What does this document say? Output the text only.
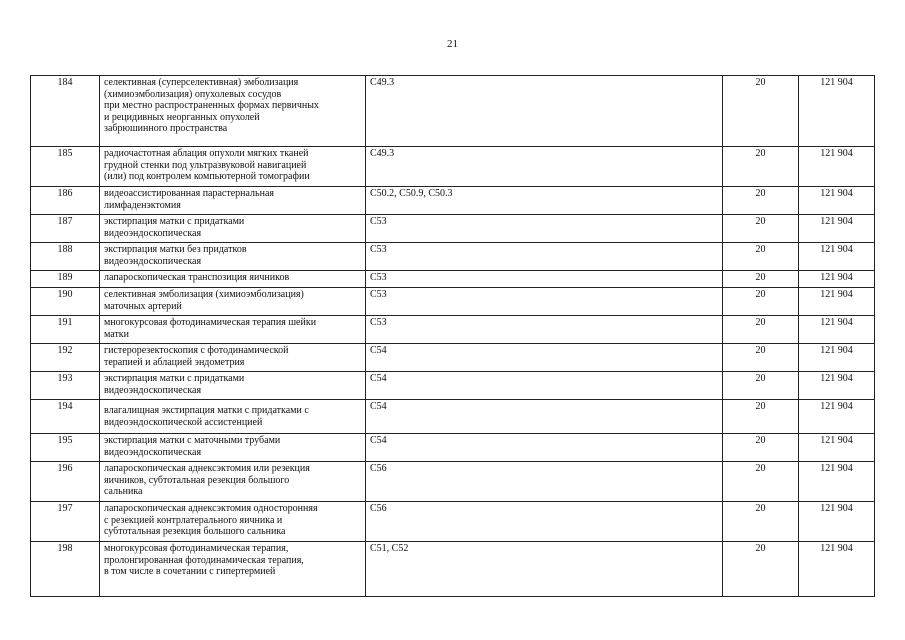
21
184	селективная (суперселективная) эмболизация
(химиоэмболизация) опухолевых сосудов
при местно распространенных формах первичных
и рецидивных неорганных опухолей
забрюшинного пространства	C49.3	20	121 904
185	радиочастотная аблация опухоли мягких тканей
грудной стенки под ультразвуковой навигацией
(или) под контролем компьютерной томографии	C49.3	20	121 904
186	видеоассистированная парастернальная
лимфаденэктомия	C50.2, C50.9, C50.3	20	121 904
187	экстирпация матки с придатками
видеоэндоскопическая	C53	20	121 904
188	экстирпация матки без придатков
видеоэндоскопическая	C53	20	121 904
189	лапароскопическая транспозиция яичников	C53	20	121 904
190	селективная эмболизация (химиоэмболизация)
маточных артерий	C53	20	121 904
191	многокурсовая фотодинамическая терапия шейки
матки	C53	20	121 904
192	гистерорезектоскопия с фотодинамической
терапией и аблацией эндометрия	C54	20	121 904
193	экстирпация матки с придатками
видеоэндоскопическая	C54	20	121 904
194	влагалищная экстирпация матки с придатками с
видеоэндоскопической ассистенцией	C54	20	121 904
195	экстирпация матки с маточными трубами
видеоэндоскопическая	C54	20	121 904
196	лапароскопическая аднексэктомия или резекция
яичников, субтотальная резекция большого
сальника	C56	20	121 904
197	лапароскопическая аднексэктомия односторонняя
с резекцией контрлатерального яичника и
субтотальная резекция большого сальника	C56	20	121 904
198	многокурсовая фотодинамическая терапия,
пролонгированная фотодинамическая терапия,
в том числе в сочетании с гипертермией	C51, C52	20	121 904
